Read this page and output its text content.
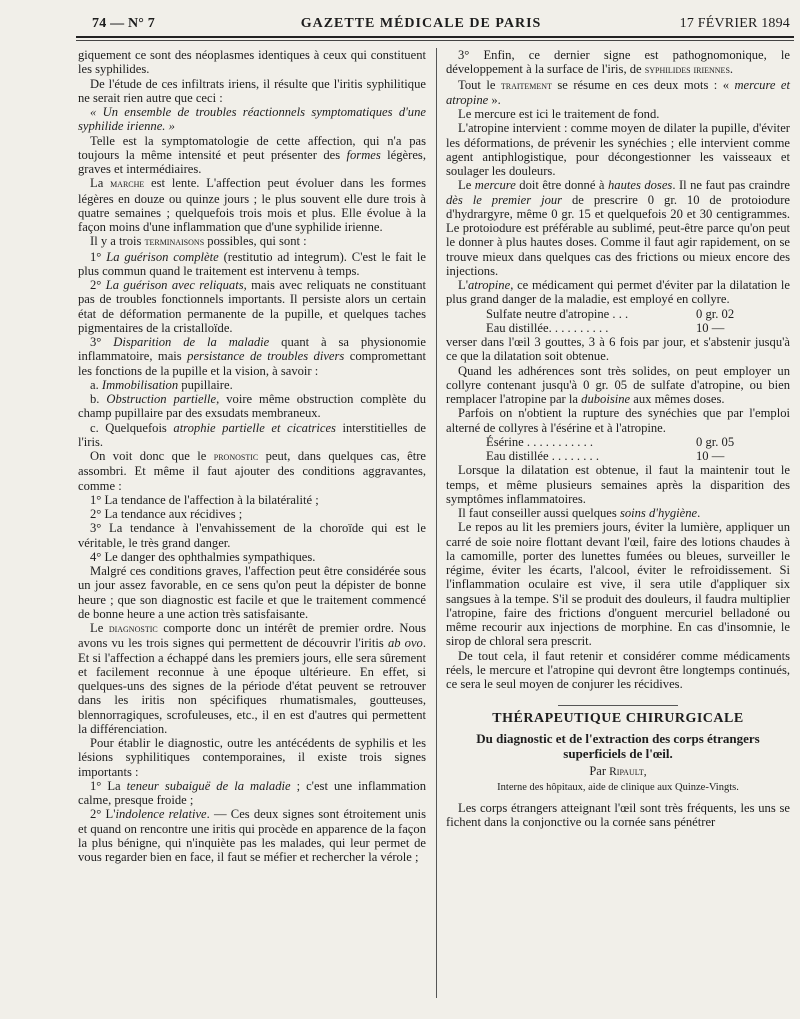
74 — N° 7	GAZETTE MÉDICALE DE PARIS	17 FÉVRIER 1894

giquement ce sont des néoplasmes identiques à ceux qui constituent les syphilides.

De l'étude de ces infiltrats iriens, il résulte que l'iritis syphilitique ne serait rien autre que ceci :

« Un ensemble de troubles réactionnels symptomatiques d'une syphilide irienne. »

Telle est la symptomatologie de cette affection, qui n'a pas toujours la même intensité et peut présenter des formes légères, graves et intermédiaires.

La marche est lente. L'affection peut évoluer dans les formes légères en douze ou quinze jours ; le plus souvent elle dure trois à quatre semaines ; quelquefois trois mois et plus. Elle évolue à la façon moins d'une inflammation que d'une syphilide irienne.

Il y a trois terminaisons possibles, qui sont :

1° La guérison complète (restitutio ad integrum). C'est le fait le plus commun quand le traitement est intervenu à temps.

2° La guérison avec reliquats, mais avec reliquats ne constituant pas de troubles fonctionnels importants. Il persiste alors un certain état de déformation permanente de la pupille, et quelques taches pigmentaires de la cristalloïde.

3° Disparition de la maladie quant à sa physionomie inflammatoire, mais persistance de troubles divers compromettant les fonctions de la pupille et la vision, à savoir :

a. Immobilisation pupillaire.

b. Obstruction partielle, voire même obstruction complète du champ pupillaire par des exsudats membraneux.

c. Quelquefois atrophie partielle et cicatrices interstitielles de l'iris.

On voit donc que le pronostic peut, dans quelques cas, être assombri. Et même il faut ajouter des conditions aggravantes, comme :

1° La tendance de l'affection à la bilatéralité ;

2° La tendance aux récidives ;

3° La tendance à l'envahissement de la choroïde qui est le véritable, le très grand danger.

4° Le danger des ophthalmies sympathiques.

Malgré ces conditions graves, l'affection peut être considérée sous un jour assez favorable, en ce sens qu'on peut la dépister de bonne heure ; que son diagnostic est facile et que le traitement commencé de bonne heure a une action très satisfaisante.

Le diagnostic comporte donc un intérêt de premier ordre. Nous avons vu les trois signes qui permettent de découvrir l'iritis ab ovo. Et si l'affection a échappé dans les premiers jours, elle sera sûrement et facilement reconnue à une époque ultérieure. En effet, si quelques-uns des signes de la période d'état peuvent se retrouver dans les iritis non spécifiques rhumatismales, goutteuses, blennorragiques, scrofuleuses, etc., il en est d'autres qui permettent la différenciation.

Pour établir le diagnostic, outre les antécédents de syphilis et les lésions syphilitiques contemporaines, il existe trois signes importants :

1° La teneur subaiguë de la maladie ; c'est une inflammation calme, presque froide ;

2° L'indolence relative. — Ces deux signes sont étroitement unis et quand on rencontre une iritis qui procède en apparence de la façon la plus bénigne, qui n'inquiète pas les malades, qui leur permet de vous regarder bien en face, il faut se méfier et rechercher la vérole ;

3° Enfin, ce dernier signe est pathognomonique, le développement à la surface de l'iris, de syphilides iriennes.

Tout le traitement se résume en ces deux mots : « mercure et atropine ».

Le mercure est ici le traitement de fond.

L'atropine intervient : comme moyen de dilater la pupille, d'éviter les déformations, de prévenir les synéchies ; elle intervient comme agent antiphlogistique, pour décongestionner les vaisseaux et soulager les douleurs.

Le mercure doit être donné à hautes doses. Il ne faut pas craindre dès le premier jour de prescrire 0 gr. 10 de protoiodure d'hydrargyre, même 0 gr. 15 et quelquefois 20 et 30 centigrammes. Le protoiodure est préférable au sublimé, peut-être parce qu'on peut le donner à plus hautes doses. Comme il faut agir rapidement, on se trouve mieux dans quelques cas des frictions ou mieux encore des injections.

L'atropine, ce médicament qui permet d'éviter par la dilatation le plus grand danger de la maladie, est employé en collyre.

Sulfate neutre d'atropine . . .	0 gr. 02
Eau distillée. . . . . . . . . .	10 —

verser dans l'œil 3 gouttes, 3 à 6 fois par jour, et s'abstenir jusqu'à ce que la dilatation soit obtenue.

Quand les adhérences sont très solides, on peut employer un collyre contenant jusqu'à 0 gr. 05 de sulfate d'atropine, ou bien remplacer l'atropine par la duboisine aux mêmes doses.

Parfois on n'obtient la rupture des synéchies que par l'emploi alterné de collyres à l'ésérine et à l'atropine.

Ésérine . . . . . . . . . . .	0 gr. 05
Eau distillée . . . . . . . .	10 —

Lorsque la dilatation est obtenue, il faut la maintenir tout le temps, et même plusieurs semaines après la disparition des symptômes inflammatoires.

Il faut conseiller aussi quelques soins d'hygiène.

Le repos au lit les premiers jours, éviter la lumière, appliquer un carré de soie noire flottant devant l'œil, faire des lotions chaudes à la camomille, porter des lunettes fumées ou bleues, surveiller le régime, éviter les écarts, l'alcool, éviter le refroidissement. Si l'inflammation oculaire est vive, il sera utile d'appliquer six sangsues à la tempe. S'il se produit des douleurs, il faudra multiplier l'atropine, faire des frictions d'onguent mercuriel belladoné ou même recourir aux injections de morphine. En cas d'insomnie, le sirop de chloral sera prescrit.

De tout cela, il faut retenir et considérer comme médicaments réels, le mercure et l'atropine qui devront être longtemps continués, ce sera le seul moyen de conjurer les récidives.

THÉRAPEUTIQUE CHIRURGICALE
Du diagnostic et de l'extraction des corps étrangers superficiels de l'œil.
Par Ripault,
Interne des hôpitaux, aide de clinique aux Quinze-Vingts.

Les corps étrangers atteignant l'œil sont très fréquents, les uns se fichent dans la conjonctive ou la cornée sans pénétrer
